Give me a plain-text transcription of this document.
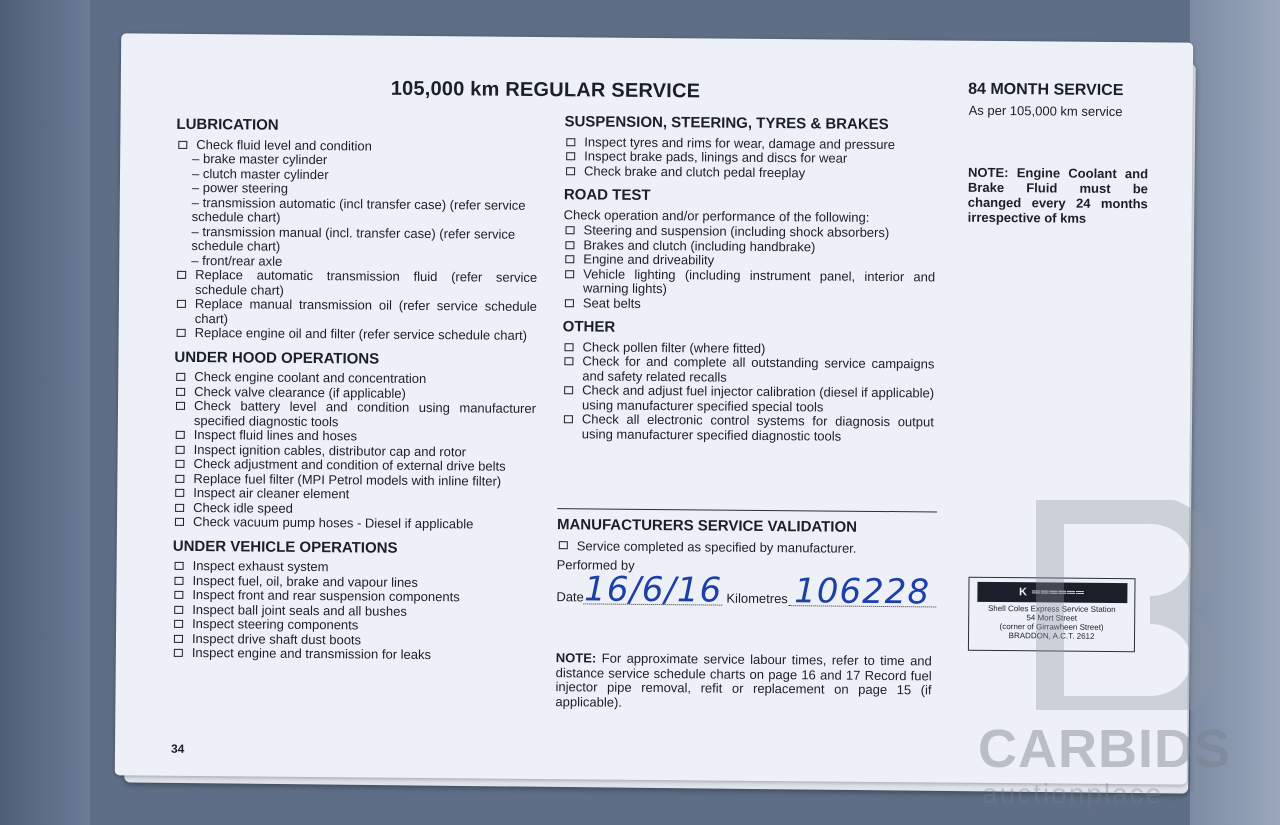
105,000 km REGULAR SERVICE	84 MONTH SERVICE
As per 105,000 km service
NOTE: Engine Coolant and Brake Fluid must be changed every 24 months irrespective of kms
LUBRICATION
Check fluid level and condition
– brake master cylinder
– clutch master cylinder
– power steering
– transmission automatic (incl transfer case) (refer service schedule chart)
– transmission manual (incl. transfer case) (refer service schedule chart)
– front/rear axle
Replace automatic transmission fluid (refer service schedule chart)
Replace manual transmission oil (refer service schedule chart)
Replace engine oil and filter (refer service schedule chart)
UNDER HOOD OPERATIONS
Check engine coolant and concentration
Check valve clearance (if applicable)
Check battery level and condition using manufacturer specified diagnostic tools
Inspect fluid lines and hoses
Inspect ignition cables, distributor cap and rotor
Check adjustment and condition of external drive belts
Replace fuel filter (MPI Petrol models with inline filter)
Inspect air cleaner element
Check idle speed
Check vacuum pump hoses - Diesel if applicable
UNDER VEHICLE OPERATIONS
Inspect exhaust system
Inspect fuel, oil, brake and vapour lines
Inspect front and rear suspension components
Inspect ball joint seals and all bushes
Inspect steering components
Inspect drive shaft dust boots
Inspect engine and transmission for leaks
SUSPENSION, STEERING, TYRES & BRAKES
Inspect tyres and rims for wear, damage and pressure
Inspect brake pads, linings and discs for wear
Check brake and clutch pedal freeplay
ROAD TEST
Check operation and/or performance of the following:
Steering and suspension (including shock absorbers)
Brakes and clutch (including handbrake)
Engine and driveability
Vehicle lighting (including instrument panel, interior and warning lights)
Seat belts
OTHER
Check pollen filter (where fitted)
Check for and complete all outstanding service campaigns and safety related recalls
Check and adjust fuel injector calibration (diesel if applicable) using manufacturer specified special tools
Check all electronic control systems for diagnosis output using manufacturer specified diagnostic tools
MANUFACTURERS SERVICE VALIDATION
Service completed as specified by manufacturer.
Performed by
Date 16/6/16 Kilometres 106228
NOTE: For approximate service labour times, refer to time and distance service schedule charts on page 16 and 17 Record fuel injector pipe removal, refit or replacement on page 15 (if applicable).
K ══════
Shell Coles Express Service Station
54 Mort Street
(corner of Girrawheen Street)
BRADDON, A.C.T. 2612
34	CARBIDS
auctionplace
